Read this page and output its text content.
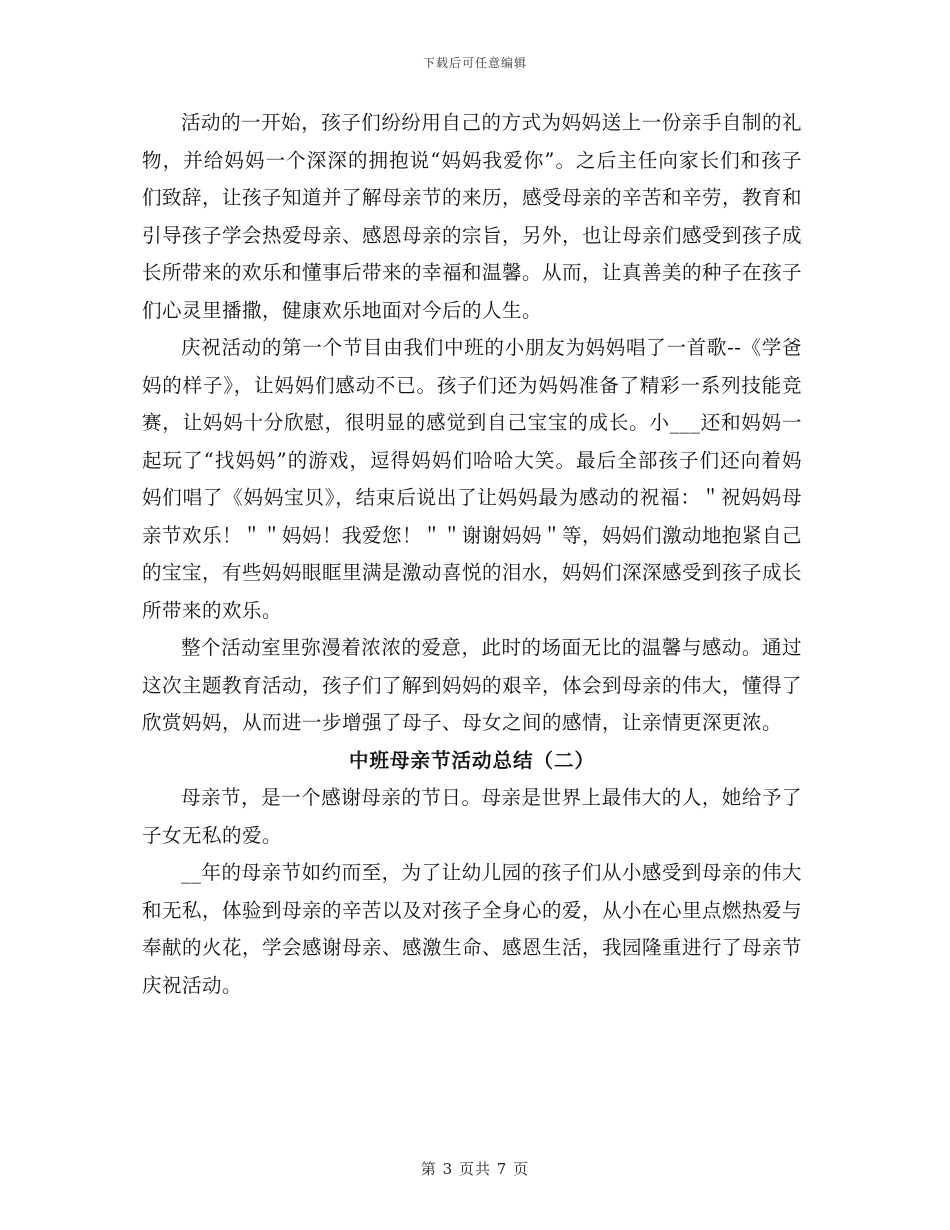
下载后可任意编辑

活动的一开始，孩子们纷纷用自己的方式为妈妈送上一份亲手自制的礼物，并给妈妈一个深深的拥抱说“妈妈我爱你”。之后主任向家长们和孩子们致辞，让孩子知道并了解母亲节的来历，感受母亲的辛苦和辛劳，教育和引导孩子学会热爱母亲、感恩母亲的宗旨，另外，也让母亲们感受到孩子成长所带来的欢乐和懂事后带来的幸福和温馨。从而，让真善美的种子在孩子们心灵里播撒，健康欢乐地面对今后的人生。

庆祝活动的第一个节目由我们中班的小朋友为妈妈唱了一首歌--《学爸妈的样子》，让妈妈们感动不已。孩子们还为妈妈准备了精彩一系列技能竞赛，让妈妈十分欣慰，很明显的感觉到自己宝宝的成长。小___还和妈妈一起玩了“找妈妈”的游戏，逗得妈妈们哈哈大笑。最后全部孩子们还向着妈妈们唱了《妈妈宝贝》，结束后说出了让妈妈最为感动的祝福：＂祝妈妈母亲节欢乐！＂＂妈妈！我爱您！＂＂谢谢妈妈＂等，妈妈们激动地抱紧自己的宝宝，有些妈妈眼眶里满是激动喜悦的泪水，妈妈们深深感受到孩子成长所带来的欢乐。

整个活动室里弥漫着浓浓的爱意，此时的场面无比的温馨与感动。通过这次主题教育活动，孩子们了解到妈妈的艰辛，体会到母亲的伟大，懂得了欣赏妈妈，从而进一步增强了母子、母女之间的感情，让亲情更深更浓。

中班母亲节活动总结（二）

母亲节，是一个感谢母亲的节日。母亲是世界上最伟大的人，她给予了子女无私的爱。

__年的母亲节如约而至，为了让幼儿园的孩子们从小感受到母亲的伟大和无私，体验到母亲的辛苦以及对孩子全身心的爱，从小在心里点燃热爱与奉献的火花，学会感谢母亲、感激生命、感恩生活，我园隆重进行了母亲节庆祝活动。

第 3 页共 7 页
